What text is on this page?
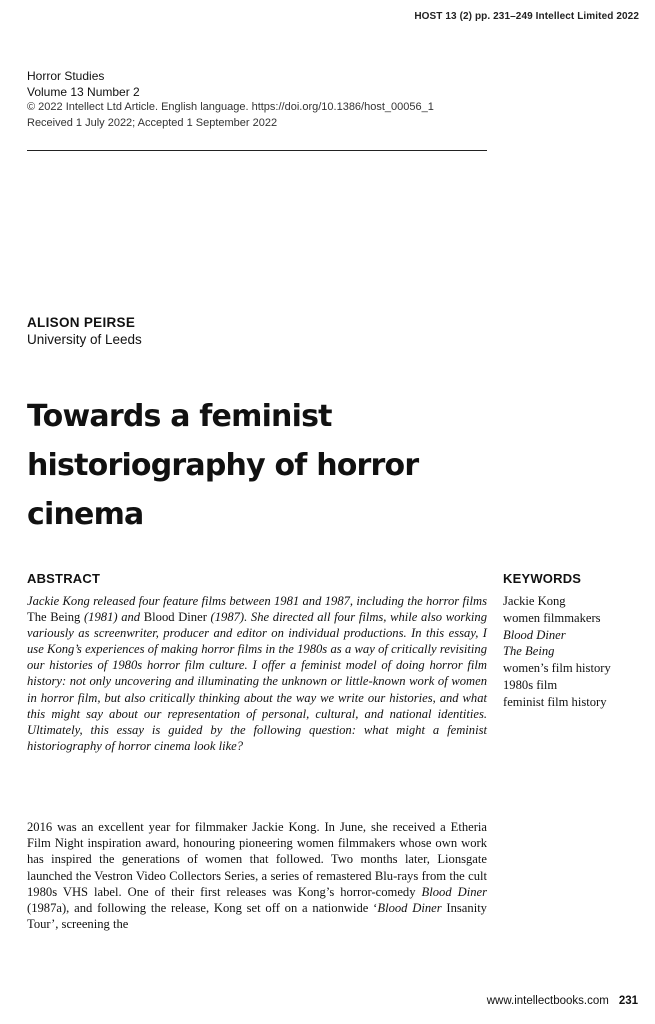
HOST 13 (2) pp. 231–249 Intellect Limited 2022
Horror Studies
Volume 13 Number 2
© 2022 Intellect Ltd Article. English language. https://doi.org/10.1386/host_00056_1
Received 1 July 2022; Accepted 1 September 2022
ALISON PEIRSE
University of Leeds
Towards a feminist historiography of horror cinema
ABSTRACT

Jackie Kong released four feature films between 1981 and 1987, including the horror films The Being (1981) and Blood Diner (1987). She directed all four films, while also working variously as screenwriter, producer and editor on individual productions. In this essay, I use Kong’s experiences of making horror films in the 1980s as a way of critically revisiting our histories of 1980s horror film culture. I offer a feminist model of doing horror film history: not only uncovering and illuminating the unknown or little-known work of women in horror film, but also critically thinking about the way we write our histories, and what this might say about our representation of personal, cultural, and national identities. Ultimately, this essay is guided by the following question: what might a feminist historiography of horror cinema look like?

KEYWORDS
Jackie Kong
women filmmakers
Blood Diner
The Being
women’s film history
1980s film
feminist film history

2016 was an excellent year for filmmaker Jackie Kong. In June, she received a Etheria Film Night inspiration award, honouring pioneering women filmmakers whose own work has inspired the generations of women that followed. Two months later, Lionsgate launched the Vestron Video Collectors Series, a series of remastered Blu-rays from the cult 1980s VHS label. One of their first releases was Kong’s horror-comedy Blood Diner (1987a), and following the release, Kong set off on a nationwide ‘Blood Diner Insanity Tour’, screening the

www.intellectbooks.com 231
